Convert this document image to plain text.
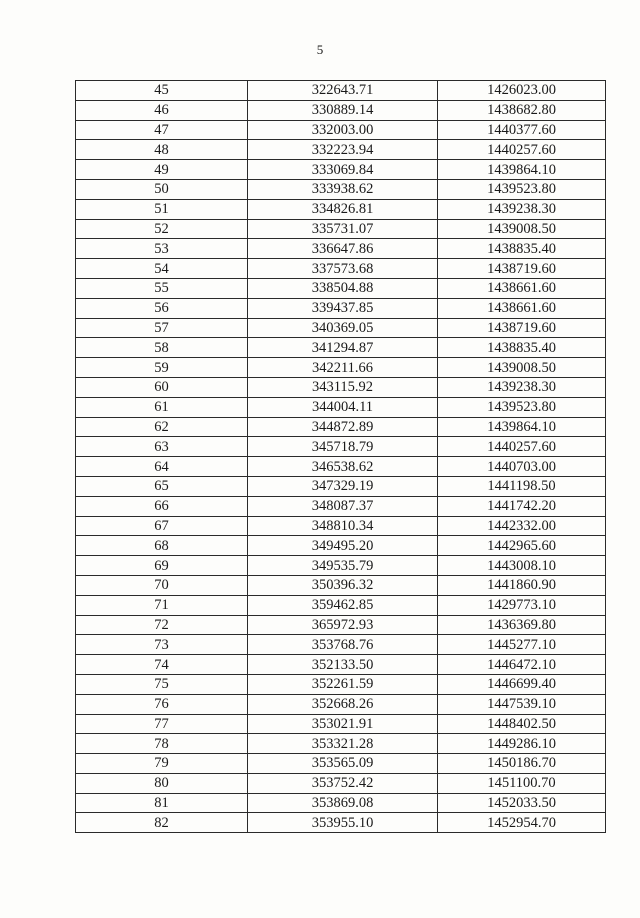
5
45	322643.71	1426023.00
46	330889.14	1438682.80
47	332003.00	1440377.60
48	332223.94	1440257.60
49	333069.84	1439864.10
50	333938.62	1439523.80
51	334826.81	1439238.30
52	335731.07	1439008.50
53	336647.86	1438835.40
54	337573.68	1438719.60
55	338504.88	1438661.60
56	339437.85	1438661.60
57	340369.05	1438719.60
58	341294.87	1438835.40
59	342211.66	1439008.50
60	343115.92	1439238.30
61	344004.11	1439523.80
62	344872.89	1439864.10
63	345718.79	1440257.60
64	346538.62	1440703.00
65	347329.19	1441198.50
66	348087.37	1441742.20
67	348810.34	1442332.00
68	349495.20	1442965.60
69	349535.79	1443008.10
70	350396.32	1441860.90
71	359462.85	1429773.10
72	365972.93	1436369.80
73	353768.76	1445277.10
74	352133.50	1446472.10
75	352261.59	1446699.40
76	352668.26	1447539.10
77	353021.91	1448402.50
78	353321.28	1449286.10
79	353565.09	1450186.70
80	353752.42	1451100.70
81	353869.08	1452033.50
82	353955.10	1452954.70
